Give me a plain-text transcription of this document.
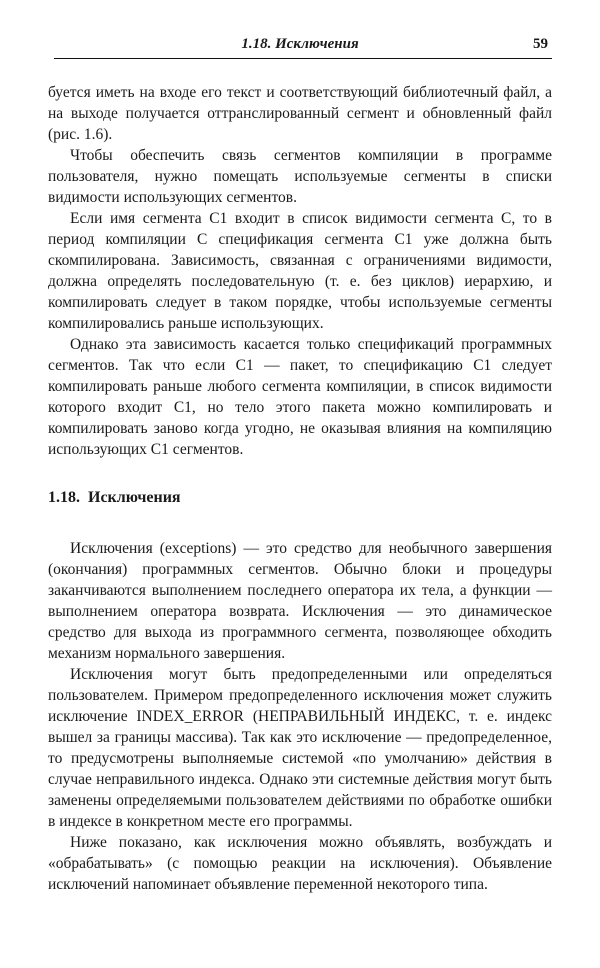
1.18. Исключения	59

буется иметь на входе его текст и соответствующий библиотечный файл, а на выходе получается оттранслированный сегмент и обновленный файл (рис. 1.6).

Чтобы обеспечить связь сегментов компиляции в программе пользователя, нужно помещать используемые сегменты в списки видимости использующих сегментов.

Если имя сегмента C1 входит в список видимости сегмента C, то в период компиляции C спецификация сегмента C1 уже должна быть скомпилирована. Зависимость, связанная с ограничениями видимости, должна определять последовательную (т. е. без циклов) иерархию, и компилировать следует в таком порядке, чтобы используемые сегменты компилировались раньше использующих.

Однако эта зависимость касается только спецификаций программных сегментов. Так что если C1 — пакет, то спецификацию C1 следует компилировать раньше любого сегмента компиляции, в список видимости которого входит C1, но тело этого пакета можно компилировать и компилировать заново когда угодно, не оказывая влияния на компиляцию использующих C1 сегментов.

1.18. Исключения

Исключения (exceptions) — это средство для необычного завершения (окончания) программных сегментов. Обычно блоки и процедуры заканчиваются выполнением последнего оператора их тела, а функции — выполнением оператора возврата. Исключения — это динамическое средство для выхода из программного сегмента, позволяющее обходить механизм нормального завершения.

Исключения могут быть предопределенными или определяться пользователем. Примером предопределенного исключения может служить исключение INDEX_ERROR (НЕПРАВИЛЬНЫЙ ИНДЕКС, т. е. индекс вышел за границы массива). Так как это исключение — предопределенное, то предусмотрены выполняемые системой «по умолчанию» действия в случае неправильного индекса. Однако эти системные действия могут быть заменены определяемыми пользователем действиями по обработке ошибки в индексе в конкретном месте его программы.

Ниже показано, как исключения можно объявлять, возбуждать и «обрабатывать» (с помощью реакции на исключения). Объявление исключений напоминает объявление переменной некоторого типа.
